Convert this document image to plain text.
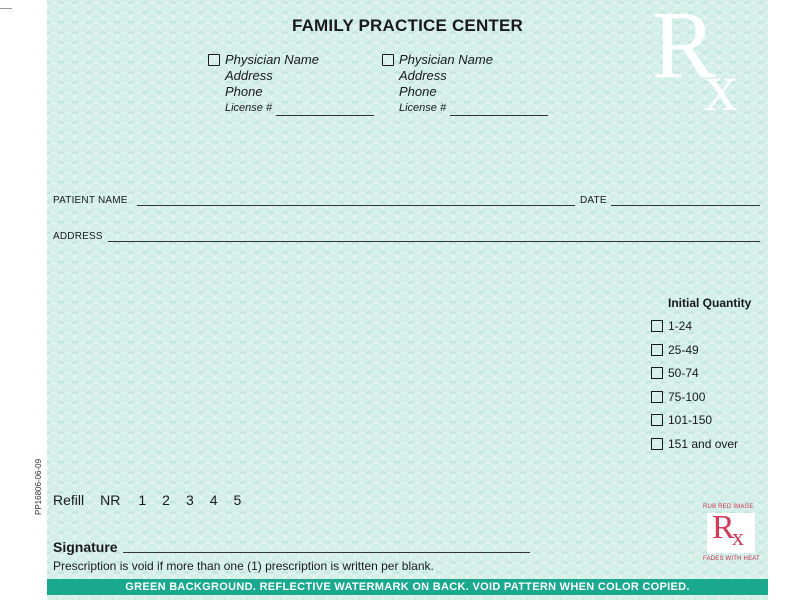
PP16806-06-09
R
x
FAMILY PRACTICE CENTER
Physician Name
Address
Phone
License #
Physician Name
Address
Phone
License #
PATIENT NAME	DATE
ADDRESS
Initial Quantity
1-24
25-49
50-74
75-100
101-150
151 and over
Refill NR 1 2 3 4 5
Signature
Prescription is void if more than one (1) prescription is written per blank.
RUB RED IMAGE
R
x
FADES WITH HEAT
GREEN BACKGROUND. REFLECTIVE WATERMARK ON BACK. VOID PATTERN WHEN COLOR COPIED.
